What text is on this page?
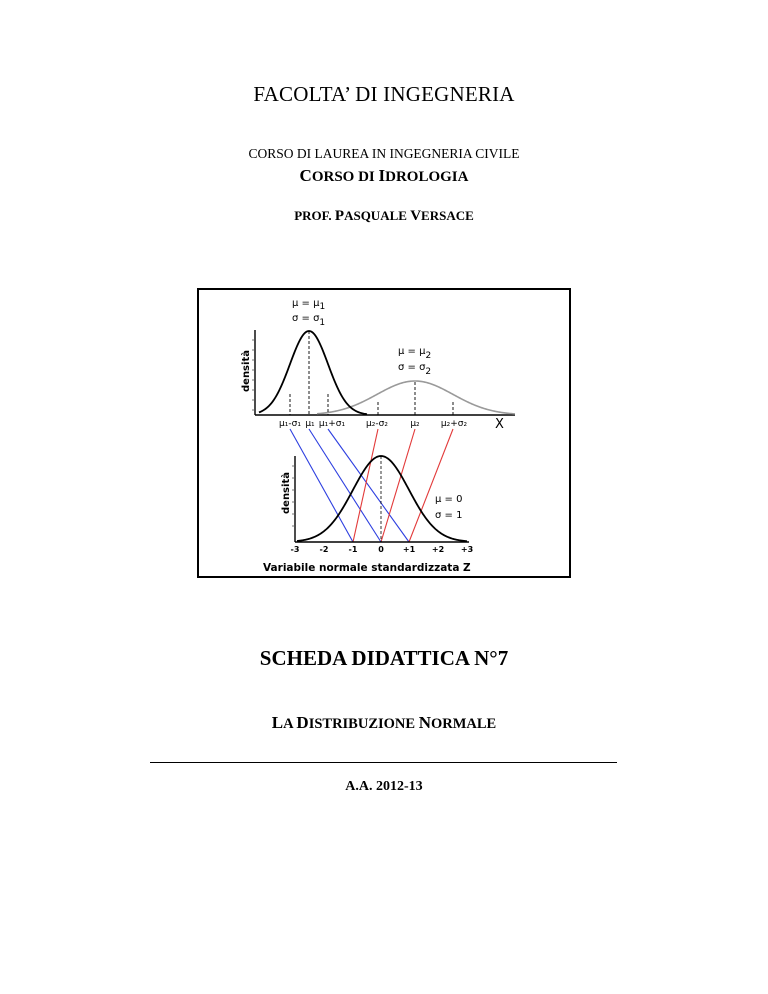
FACOLTA’ DI INGEGNERIA
CORSO DI LAUREA IN INGEGNERIA CIVILE
CORSO DI IDROLOGIA
PROF. PASQUALE VERSACE
densità
μ = μ1
σ = σ1
μ = μ2
σ = σ2
μ₁-σ₁ μ₁ μ₁+σ₁ μ₂-σ₂ μ₂ μ₂+σ₂ X
densità	μ = 0
σ = 1
-3	-2	-1	0 +1 +2 +3
Variabile normale standardizzata Z
SCHEDA DIDATTICA N°7
LA DISTRIBUZIONE NORMALE
A.A. 2012-13
